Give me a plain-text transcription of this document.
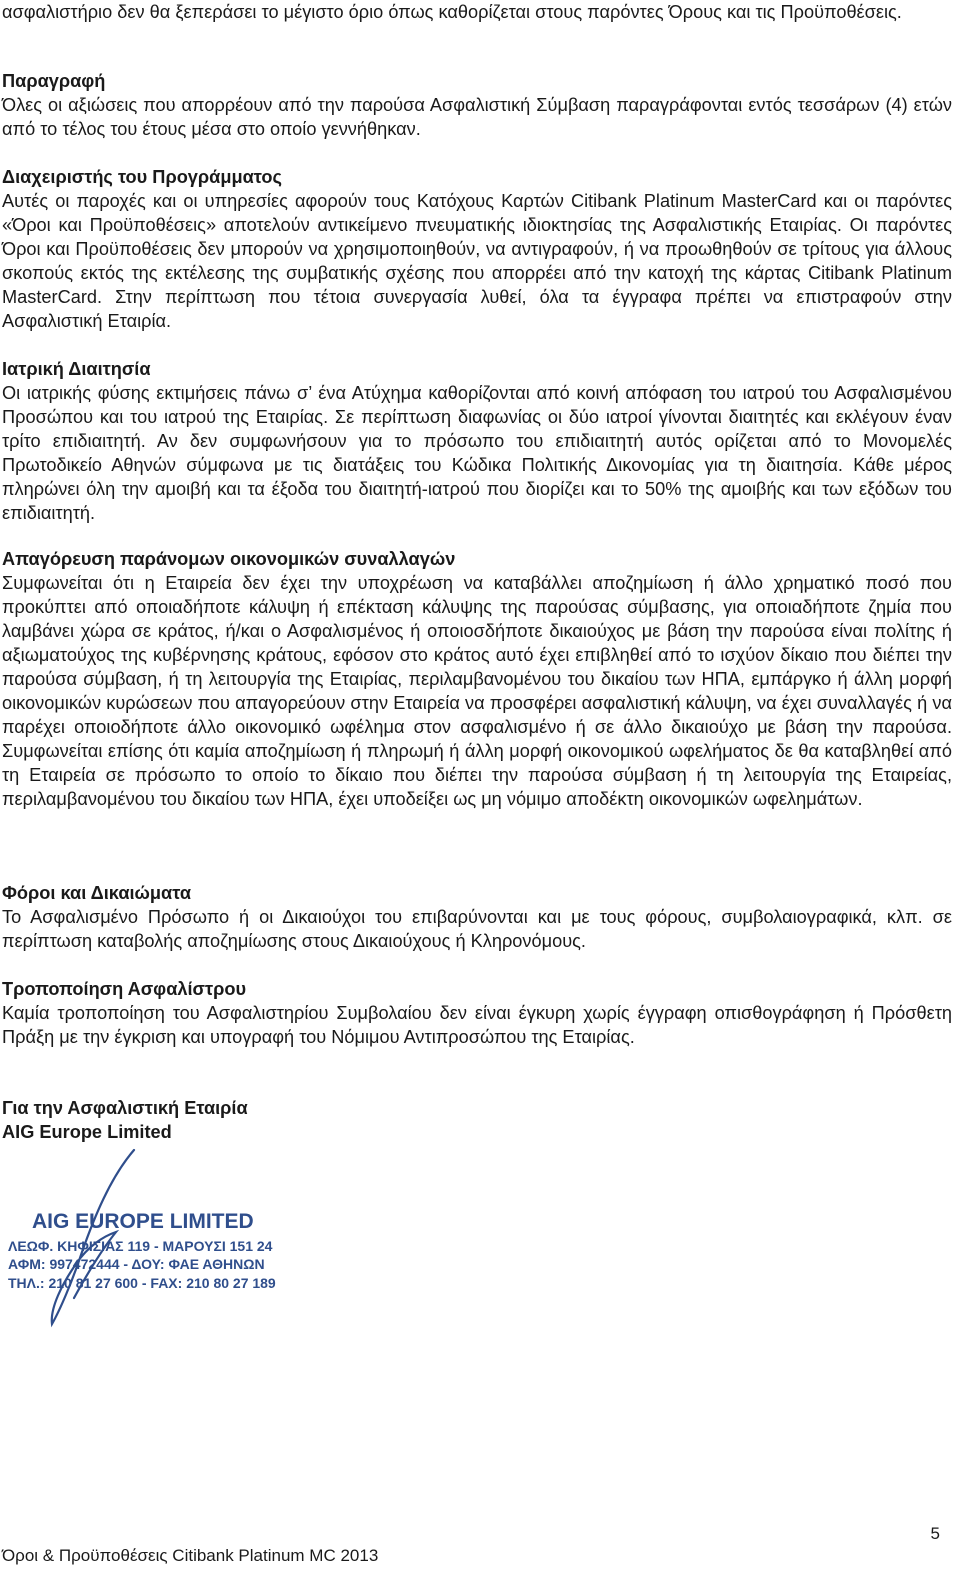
ασφαλιστήριο δεν θα ξεπεράσει το μέγιστο όριο όπως καθορίζεται στους παρόντες Όρους και τις Προϋποθέσεις.

Παραγραφή

Όλες οι αξιώσεις που απορρέουν από την παρούσα Ασφαλιστική Σύμβαση παραγράφονται εντός τεσσάρων (4) ετών από το τέλος του έτους μέσα στο οποίο γεννήθηκαν.

Διαχειριστής του Προγράμματος

Αυτές οι παροχές και οι υπηρεσίες αφορούν τους Κατόχους Καρτών Citibank Platinum MasterCard και οι παρόντες «Όροι και Προϋποθέσεις» αποτελούν αντικείμενο πνευματικής ιδιοκτησίας της Ασφαλιστικής Εταιρίας. Οι παρόντες Όροι και Προϋποθέσεις δεν μπορούν να χρησιμοποιηθούν, να αντιγραφούν, ή να προωθηθούν σε τρίτους για άλλους σκοπούς εκτός της εκτέλεσης της συμβατικής σχέσης που απορρέει από την κατοχή της κάρτας Citibank Platinum MasterCard. Στην περίπτωση που τέτοια συνεργασία λυθεί, όλα τα έγγραφα πρέπει να επιστραφούν στην Ασφαλιστική Εταιρία.

Ιατρική Διαιτησία

Οι ιατρικής φύσης εκτιμήσεις πάνω σ’ ένα Ατύχημα καθορίζονται από κοινή απόφαση του ιατρού του Ασφαλισμένου Προσώπου και του ιατρού της Εταιρίας. Σε περίπτωση διαφωνίας οι δύο ιατροί γίνονται διαιτητές και εκλέγουν έναν τρίτο επιδιαιτητή. Αν δεν συμφωνήσουν για το πρόσωπο του επιδιαιτητή αυτός ορίζεται από το Μονομελές Πρωτοδικείο Αθηνών σύμφωνα με τις διατάξεις του Κώδικα Πολιτικής Δικονομίας για τη διαιτησία. Κάθε μέρος πληρώνει όλη την αμοιβή και τα έξοδα του διαιτητή-ιατρού που διορίζει και το 50% της αμοιβής και των εξόδων του επιδιαιτητή.

Απαγόρευση παράνομων οικονομικών συναλλαγών

Συμφωνείται ότι η Εταιρεία δεν έχει την υποχρέωση να καταβάλλει αποζημίωση ή άλλο χρηματικό ποσό που προκύπτει από οποιαδήποτε κάλυψη ή επέκταση κάλυψης της παρούσας σύμβασης, για οποιαδήποτε ζημία που λαμβάνει χώρα σε κράτος, ή/και ο Ασφαλισμένος ή οποιοσδήποτε δικαιούχος με βάση την παρούσα είναι πολίτης ή αξιωματούχος της κυβέρνησης κράτους, εφόσον στο κράτος αυτό έχει επιβληθεί από το ισχύον δίκαιο που διέπει την παρούσα σύμβαση, ή τη λειτουργία της Εταιρίας, περιλαμβανομένου του δικαίου των ΗΠΑ, εμπάργκο ή άλλη μορφή οικονομικών κυρώσεων που απαγορεύουν στην Εταιρεία να προσφέρει ασφαλιστική κάλυψη, να έχει συναλλαγές ή να παρέχει οποιοδήποτε άλλο οικονομικό ωφέλημα στον ασφαλισμένο ή σε άλλο δικαιούχο με βάση την παρούσα. Συμφωνείται επίσης ότι καμία αποζημίωση ή πληρωμή ή άλλη μορφή οικονομικού ωφελήματος δε θα καταβληθεί από τη Εταιρεία σε πρόσωπο το οποίο το δίκαιο που διέπει την παρούσα σύμβαση ή τη λειτουργία της Εταιρείας, περιλαμβανομένου του δικαίου των ΗΠΑ, έχει υποδείξει ως μη νόμιμο αποδέκτη οικονομικών ωφελημάτων.

Φόροι και Δικαιώματα

Το Ασφαλισμένο Πρόσωπο ή οι Δικαιούχοι του επιβαρύνονται και με τους φόρους, συμβολαιογραφικά, κλπ. σε περίπτωση καταβολής αποζημίωσης στους Δικαιούχους ή Κληρονόμους.

Τροποποίηση Ασφαλίστρου

Καμία τροποποίηση του Ασφαλιστηρίου Συμβολαίου δεν είναι έγκυρη χωρίς έγγραφη οπισθογράφηση ή Πρόσθετη Πράξη με την έγκριση και υπογραφή του Νόμιμου Αντιπροσώπου της Εταιρίας.

Για την Ασφαλιστική Εταιρία
AIG Europe Limited
AIG EUROPE LIMITED
ΛΕΩΦ. ΚΗΦΙΣΙΑΣ 119 - ΜΑΡΟΥΣΙ 151 24
ΑΦΜ: 997472444 - ΔΟΥ: ΦΑΕ ΑΘΗΝΩΝ
ΤΗΛ.: 210 81 27 600 - FAX: 210 80 27 189
5
Όροι & Προϋποθέσεις Citibank Platinum MC 2013
